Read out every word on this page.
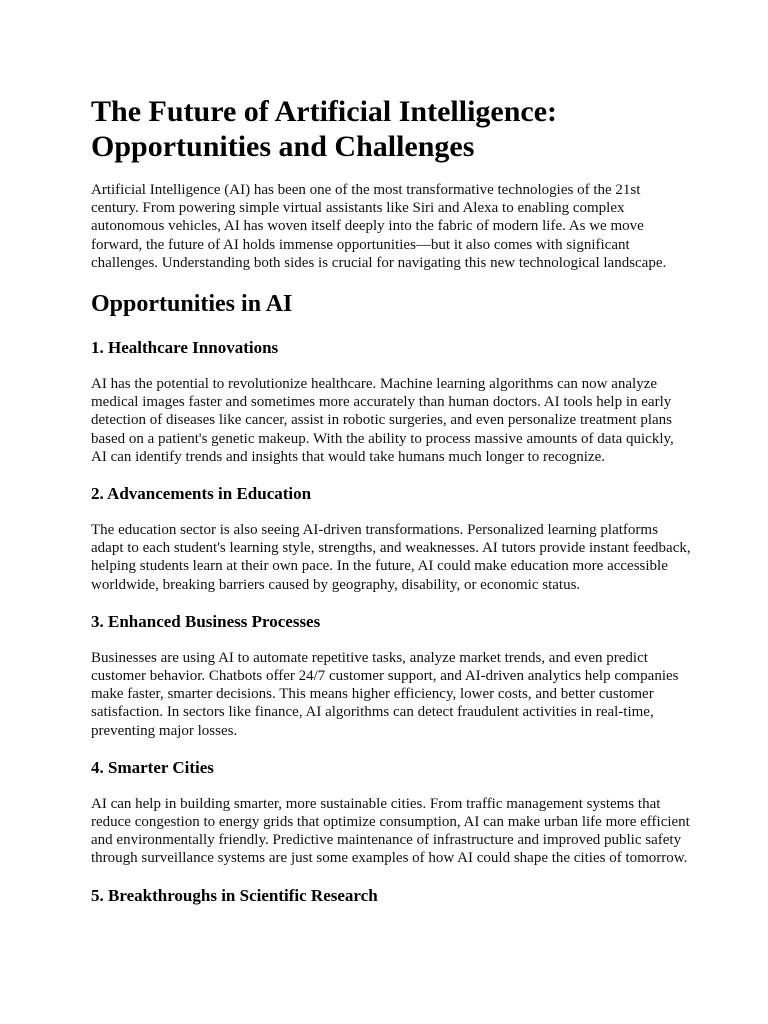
The Future of Artificial Intelligence: Opportunities and Challenges

Artificial Intelligence (AI) has been one of the most transformative technologies of the 21st century. From powering simple virtual assistants like Siri and Alexa to enabling complex autonomous vehicles, AI has woven itself deeply into the fabric of modern life. As we move forward, the future of AI holds immense opportunities—but it also comes with significant challenges. Understanding both sides is crucial for navigating this new technological landscape.

Opportunities in AI
1. Healthcare Innovations

AI has the potential to revolutionize healthcare. Machine learning algorithms can now analyze medical images faster and sometimes more accurately than human doctors. AI tools help in early detection of diseases like cancer, assist in robotic surgeries, and even personalize treatment plans based on a patient's genetic makeup. With the ability to process massive amounts of data quickly, AI can identify trends and insights that would take humans much longer to recognize.

2. Advancements in Education

The education sector is also seeing AI-driven transformations. Personalized learning platforms adapt to each student's learning style, strengths, and weaknesses. AI tutors provide instant feedback, helping students learn at their own pace. In the future, AI could make education more accessible worldwide, breaking barriers caused by geography, disability, or economic status.

3. Enhanced Business Processes

Businesses are using AI to automate repetitive tasks, analyze market trends, and even predict customer behavior. Chatbots offer 24/7 customer support, and AI-driven analytics help companies make faster, smarter decisions. This means higher efficiency, lower costs, and better customer satisfaction. In sectors like finance, AI algorithms can detect fraudulent activities in real-time, preventing major losses.

4. Smarter Cities

AI can help in building smarter, more sustainable cities. From traffic management systems that reduce congestion to energy grids that optimize consumption, AI can make urban life more efficient and environmentally friendly. Predictive maintenance of infrastructure and improved public safety through surveillance systems are just some examples of how AI could shape the cities of tomorrow.

5. Breakthroughs in Scientific Research
